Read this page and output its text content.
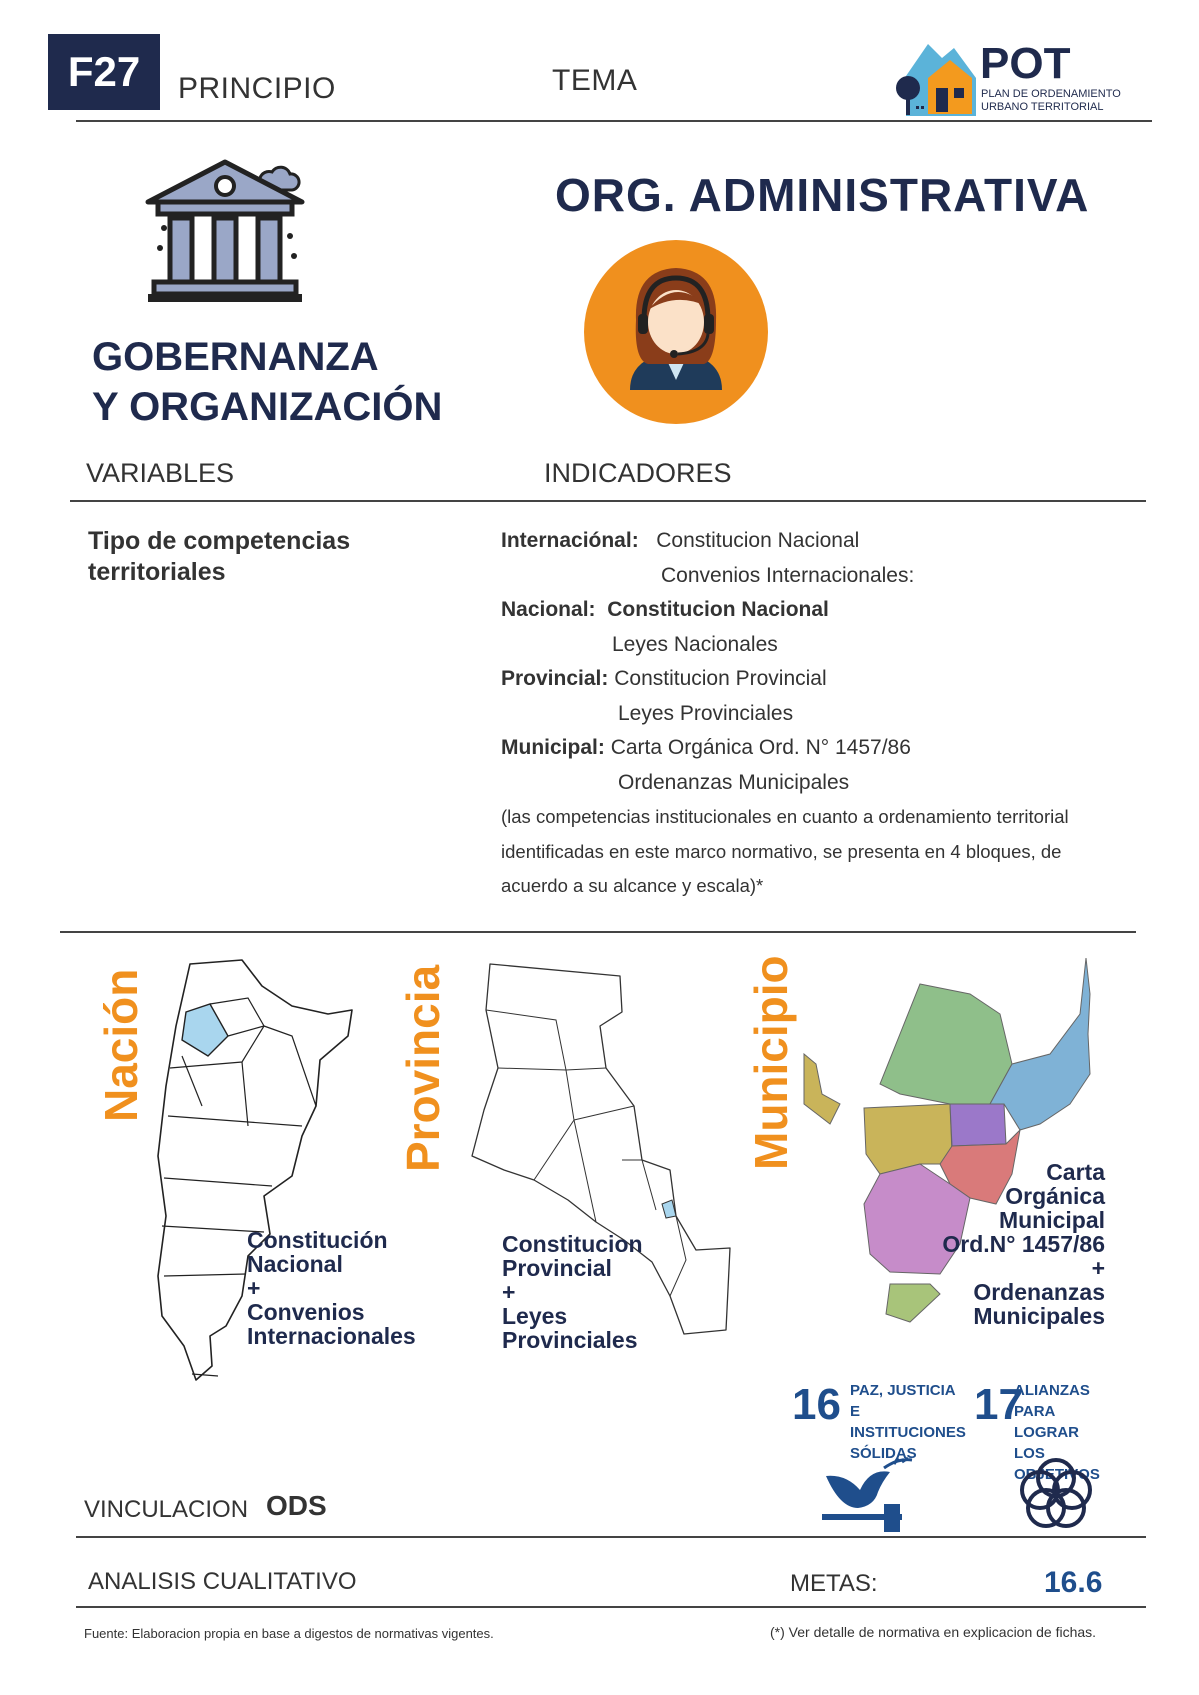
F27 PRINCIPIO	TEMA	POT
PLAN DE ORDENAMIENTO
URBANO TERRITORIAL
ORG. ADMINISTRATIVA
GOBERNANZA
Y ORGANIZACIÓN
VARIABLES	INDICADORES
Tipo de competencias
territoriales
Internaciónal: Constitucion Nacional
Convenios Internacionales:
Nacional: Constitucion Nacional
Leyes Nacionales
Provincial: Constitucion Provincial
Leyes Provinciales
Municipal: Carta Orgánica Ord. N° 1457/86
Ordenanzas Municipales
(las competencias institucionales en cuanto a ordenamiento territorial
identificadas en este marco normativo, se presenta en 4 bloques, de
acuerdo a su alcance y escala)*
Nación
Constitución
Nacional
+
Convenios
Internacionales
Provincia
Constitucion
Provincial
+
Leyes
Provinciales
Municipio
Carta
Orgánica
Municipal
Ord.N° 1457/86
+
Ordenanzas
Municipales
16 PAZ, JUSTICIA
E INSTITUCIONES
SÓLIDAS
17
ALIANZAS PARA
LOGRAR
LOS OBJETIVOS
VINCULACION ODS
ANALISIS CUALITATIVO	METAS:	16.6
Fuente: Elaboracion propia en base a digestos de normativas vigentes.	(*) Ver detalle de normativa en explicacion de fichas.
